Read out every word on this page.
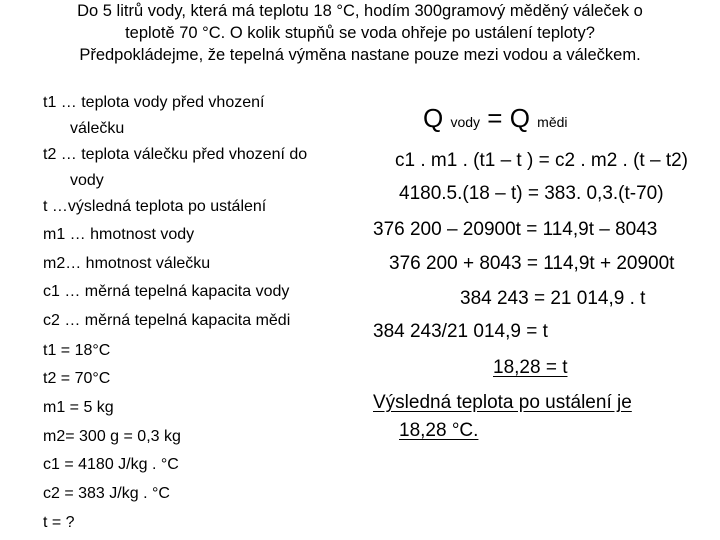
Do 5 litrů vody, která má teplotu 18 °C, hodím 300gramový měděný váleček o
teplotě 70 °C. O kolik stupňů se voda ohřeje po ustálení teploty?
Předpokládejme, že tepelná výměna nastane pouze mezi vodou a válečkem.
t1 … teplota vody před vhození
válečku
t2 … teplota válečku před vhození do
vody
t …výsledná teplota po ustálení
m1 … hmotnost vody
m2… hmotnost válečku
c1 … měrná tepelná kapacita vody
c2 … měrná tepelná kapacita mědi
t1 = 18°C
t2 = 70°C
m1 = 5 kg
m2= 300 g = 0,3 kg
c1 = 4180 J/kg . °C
c2 = 383 J/kg . °C
t = ?
Q vody = Q mědi
c1 . m1 . (t1 – t ) = c2 . m2 . (t – t2)
4180.5.(18 – t) = 383. 0,3.(t-70)
376 200 – 20900t = 114,9t – 8043
376 200 + 8043 = 114,9t + 20900t
384 243 = 21 014,9 . t
384 243/21 014,9 = t
18,28 = t
Výsledná teplota po ustálení je
18,28 °C.
